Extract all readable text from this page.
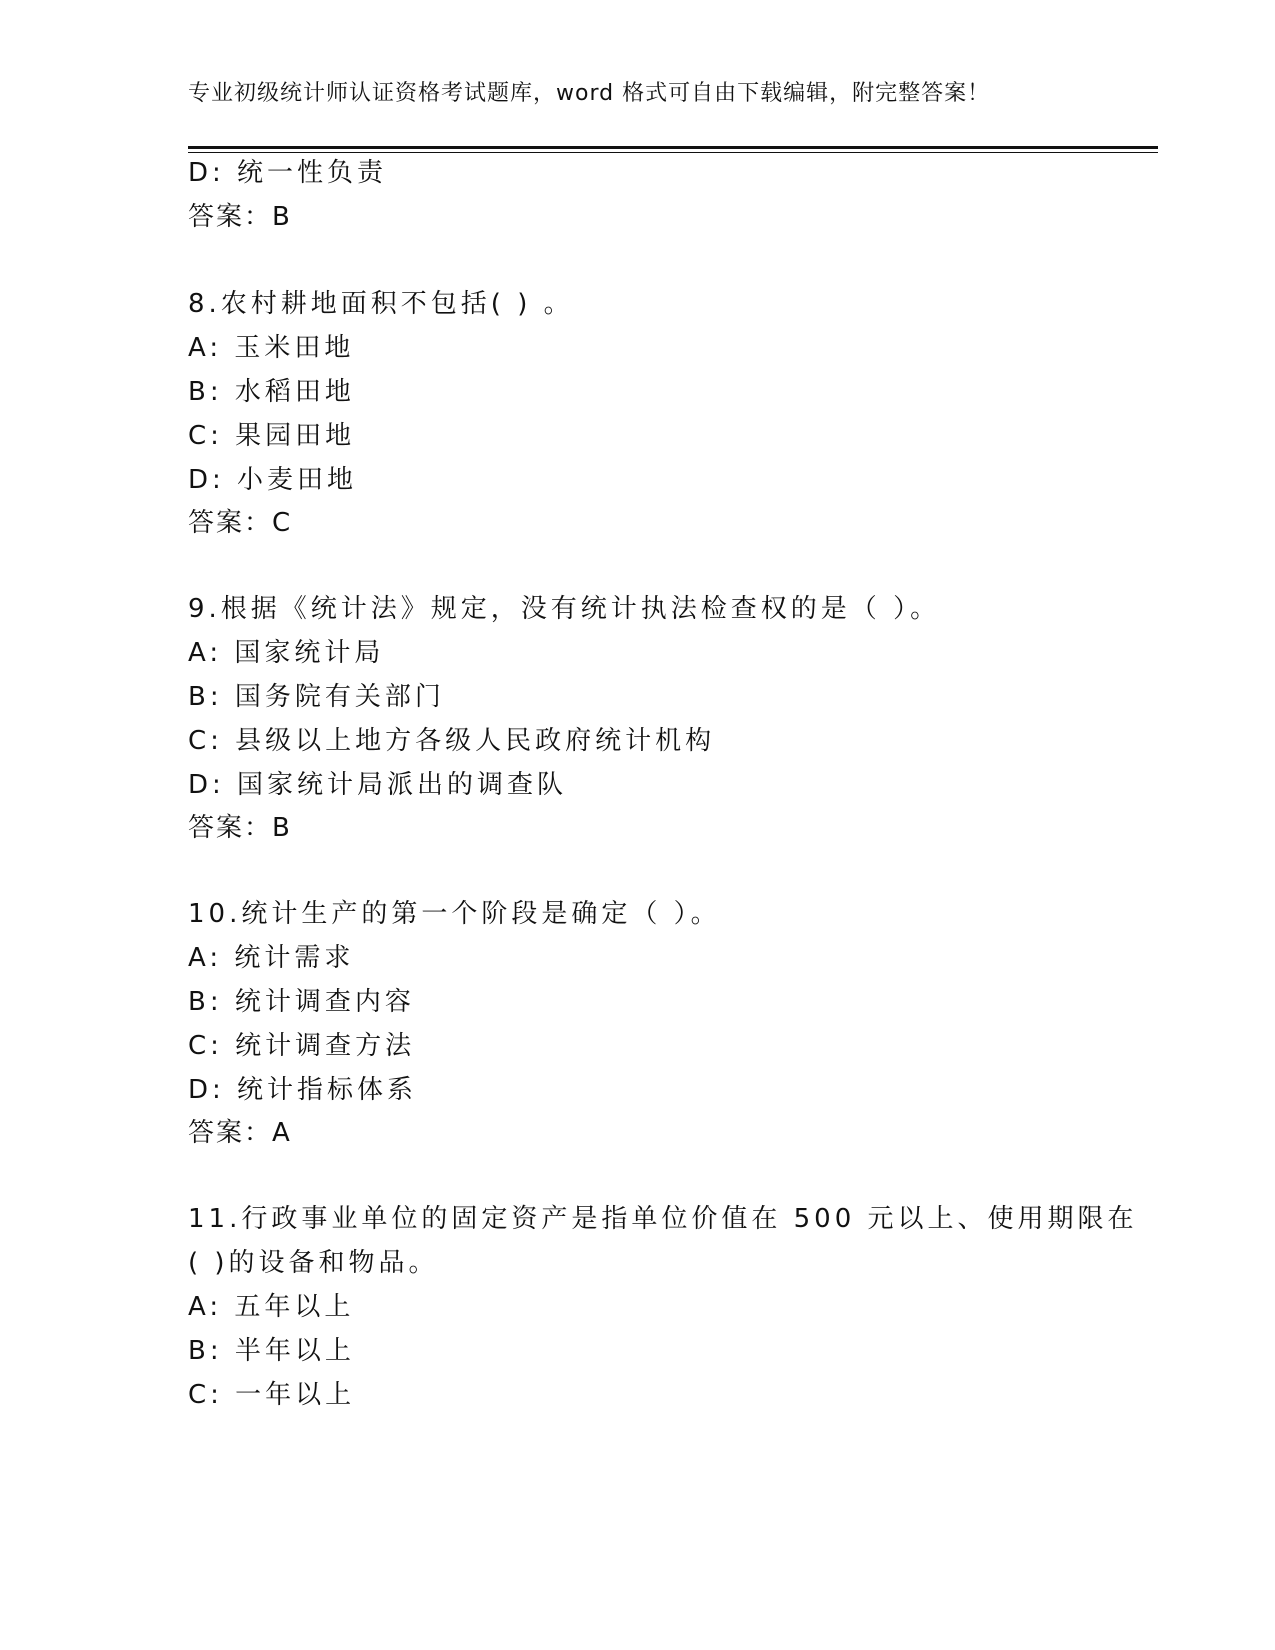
专业初级统计师认证资格考试题库，word 格式可自由下载编辑，附完整答案！
D: 统一性负责
答案：B
8.农村耕地面积不包括( ) 。
A: 玉米田地
B: 水稻田地
C: 果园田地
D: 小麦田地
答案：C
9.根据《统计法》规定，没有统计执法检查权的是（ ）。
A: 国家统计局
B: 国务院有关部门
C: 县级以上地方各级人民政府统计机构
D: 国家统计局派出的调查队
答案：B
10.统计生产的第一个阶段是确定（ ）。
A: 统计需求
B: 统计调查内容
C: 统计调查方法
D: 统计指标体系
答案：A
11.行政事业单位的固定资产是指单位价值在 500 元以上、使用期限在
( )的设备和物品。
A: 五年以上
B: 半年以上
C: 一年以上
